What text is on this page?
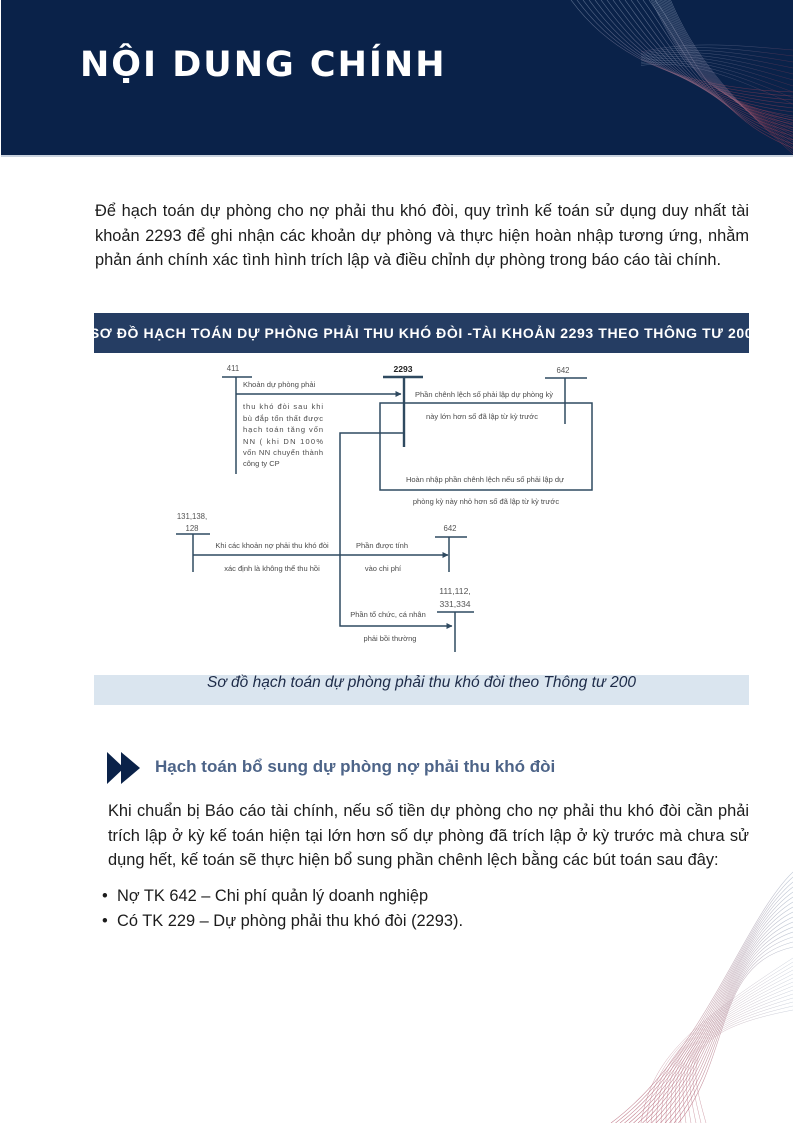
NỘI DUNG CHÍNH
Để hạch toán dự phòng cho nợ phải thu khó đòi, quy trình kế toán sử dụng duy nhất tài
khoản 2293 để ghi nhận các khoản dự phòng và thực hiện hoàn nhập tương ứng, nhằm
phản ánh chính xác tình hình trích lập và điều chỉnh dự phòng trong báo cáo tài chính.
SƠ ĐỒ HẠCH TOÁN DỰ PHÒNG PHẢI THU KHÓ ĐÒI -TÀI KHOẢN 2293 THEO THÔNG TƯ 200
411
Khoản dự phòng phải
thu khó đòi sau khi
bù đắp tổn thất được
hạch toán tăng vốn
NN ( khi DN 100%
vốn NN chuyển thành
công ty CP
2293	642
Phần chênh lệch số phải lập dự phòng kỳ
này lớn hơn số đã lập từ kỳ trước
Hoàn nhập phần chênh lệch nếu số phải lập dự
phòng kỳ này nhỏ hơn số đã lập từ kỳ trước
131,138,
128
Khi các khoản nợ phải thu khó đòi
xác định là không thể thu hồi
Phần được tính
vào chi phí
642
111,112,
331,334
Phần tổ chức, cá nhân
phải bồi thường
Sơ đồ hạch toán dự phòng phải thu khó đòi theo Thông tư 200
Hạch toán bổ sung dự phòng nợ phải thu khó đòi
Khi chuẩn bị Báo cáo tài chính, nếu số tiền dự phòng cho nợ phải thu khó đòi cần phải
trích lập ở kỳ kế toán hiện tại lớn hơn số dự phòng đã trích lập ở kỳ trước mà chưa sử
dụng hết, kế toán sẽ thực hiện bổ sung phần chênh lệch bằng các bút toán sau đây:
• Nợ TK 642 – Chi phí quản lý doanh nghiệp
• Có TK 229 – Dự phòng phải thu khó đòi (2293).
